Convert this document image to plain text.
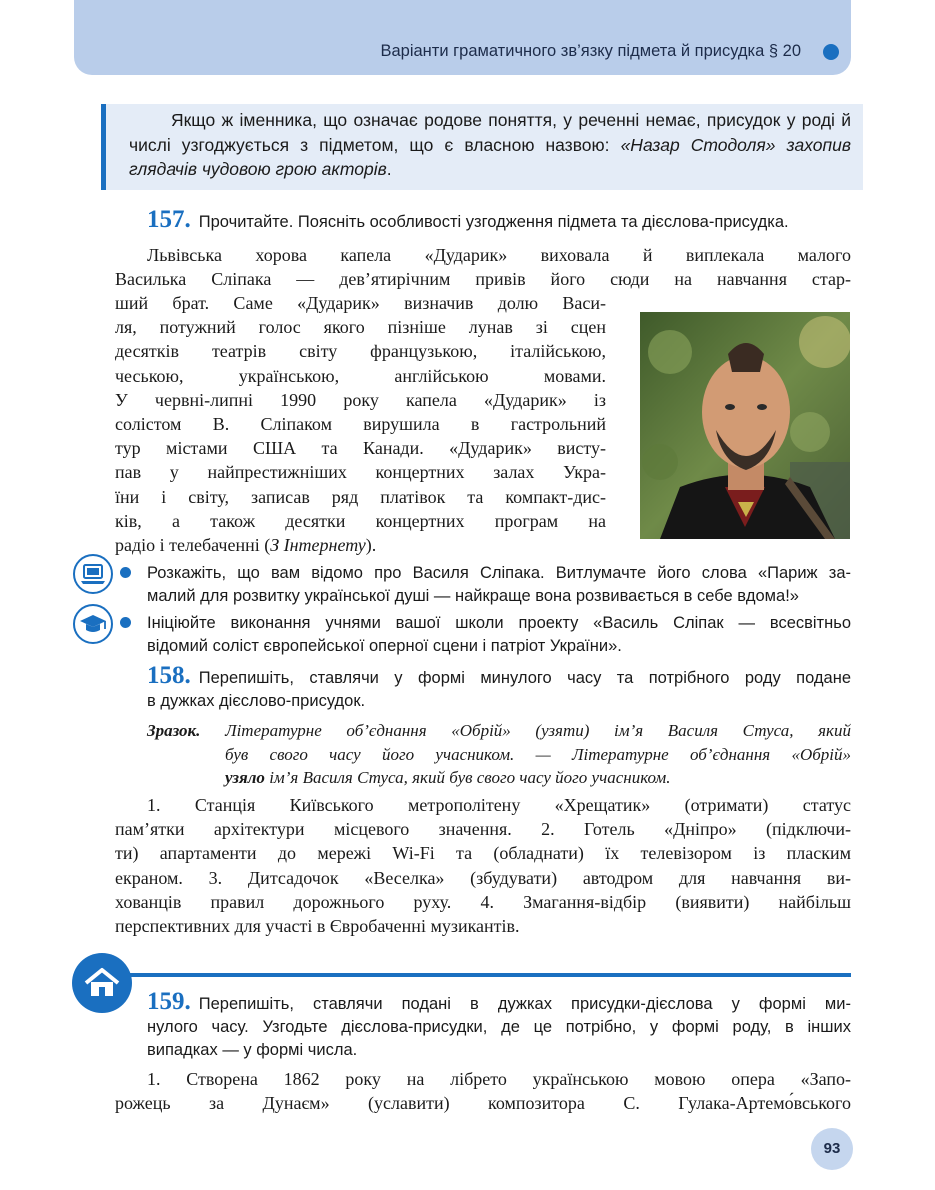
Варіанти граматичного зв’язку підмета й присудка § 20
Якщо ж іменника, що означає родове поняття, у реченні немає, присудок у роді й числі узгоджується з підметом, що є власною назвою: «Назар Стодоля» захопив глядачів чудовою грою акторів.
157. Прочитайте. Поясніть особливості узгодження підмета та дієслова-присудка.
Львівська хорова капела «Дударик» виховала й виплекала малого
Василька Сліпака — дев’ятирічним привів його сюди на навчання стар-
ший брат. Саме «Дударик» визначив долю Васи-
ля, потужний голос якого пізніше лунав зі сцен
десятків театрів світу французькою, італійською,
чеською, українською, англійською мовами.
У червні-липні 1990 року капела «Дударик» із
солістом В. Сліпаком вирушила в гастрольний
тур містами США та Канади. «Дударик» висту-
пав у найпрестижніших концертних залах Укра-
їни і світу, записав ряд платівок та компакт-дис-
ків, а також десятки концертних програм на
радіо і телебаченні (З Інтернету).
Розкажіть, що вам відомо про Василя Сліпака. Витлумачте його слова «Париж за-
малий для розвитку української душі — найкраще вона розвивається в себе вдома!»
Ініціюйте виконання учнями вашої школи проекту «Василь Сліпак — всесвітньо
відомий соліст європейської оперної сцени і патріот України».
158. Перепишіть, ставлячи у формі минулого часу та потрібного роду подане
в дужках дієслово-присудок.
Зразок. Літературне об’єднання «Обрій» (узяти) ім’я Василя Стуса, який
був свого часу його учасником. — Літературне об’єднання «Обрій»
узяло ім’я Василя Стуса, який був свого часу його учасником.
1. Станція Київського метрополітену «Хрещатик» (отримати) статус
пам’ятки архітектури місцевого значення. 2. Готель «Дніпро» (підключи-
ти) апартаменти до мережі Wi-Fi та (обладнати) їх телевізором із пласким
екраном. 3. Дитсадочок «Веселка» (збудувати) автодром для навчання ви-
хованців правил дорожнього руху. 4. Змагання-відбір (виявити) найбільш
перспективних для участі в Євробаченні музикантів.
159. Перепишіть, ставлячи подані в дужках присудки-дієслова у формі ми-
нулого часу. Узгодьте дієслова-присудки, де це потрібно, у формі роду, в інших
випадках — у формі числа.
1. Створена 1862 року на лібрето українською мовою опера «Запо-
рожець за Дунаєм» (уславити) композитора С. Гулака-Артемо́вського
93
